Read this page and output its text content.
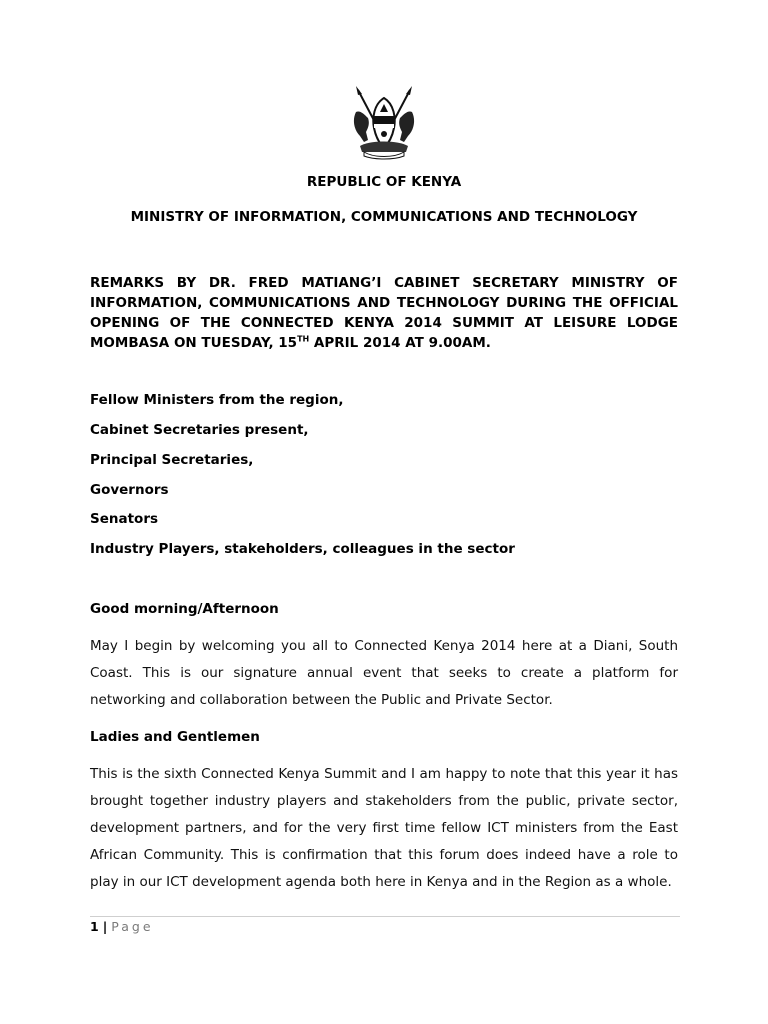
REPUBLIC OF KENYA
MINISTRY OF INFORMATION, COMMUNICATIONS AND TECHNOLOGY
REMARKS BY DR. FRED MATIANG’I CABINET SECRETARY MINISTRY OF INFORMATION, COMMUNICATIONS AND TECHNOLOGY DURING THE OFFICIAL OPENING OF THE CONNECTED KENYA 2014 SUMMIT AT LEISURE LODGE MOMBASA ON TUESDAY, 15TH APRIL 2014 AT 9.00AM.
Fellow Ministers from the region,
Cabinet Secretaries present,
Principal Secretaries,
Governors
Senators
Industry Players, stakeholders, colleagues in the sector
Good morning/Afternoon
May I begin by welcoming you all to Connected Kenya 2014 here at a Diani, South Coast. This is our signature annual event that seeks to create a platform for networking and collaboration between the Public and Private Sector.
Ladies and Gentlemen
This is the sixth Connected Kenya Summit and I am happy to note that this year it has brought together industry players and stakeholders from the public, private sector, development partners, and for the very first time fellow ICT ministers from the East African Community. This is confirmation that this forum does indeed have a role to play in our ICT development agenda both here in Kenya and in the Region as a whole.
1 | Page
